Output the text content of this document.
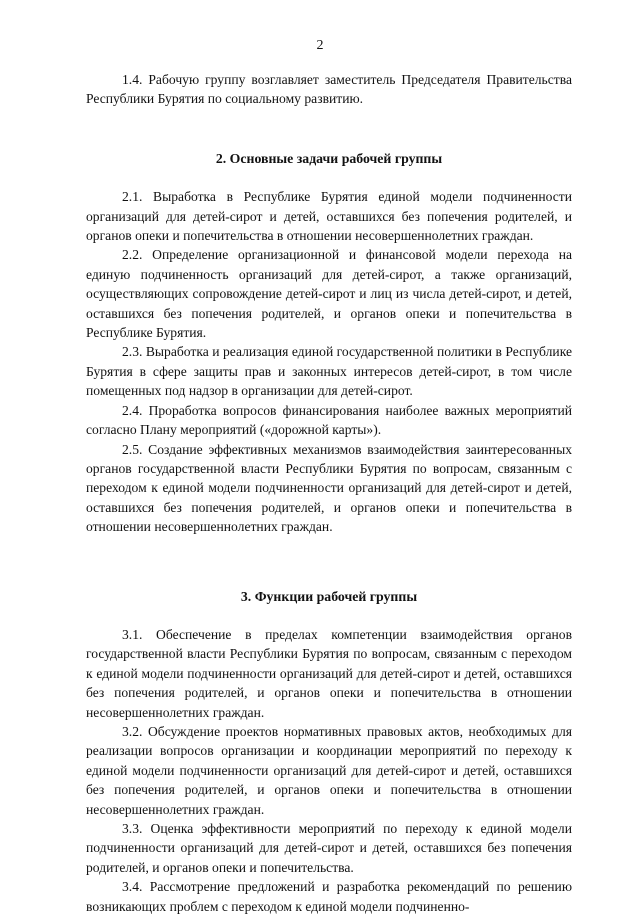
2

1.4. Рабочую группу возглавляет заместитель Председателя Правительства Республики Бурятия по социальному развитию.

2. Основные задачи рабочей группы

2.1. Выработка в Республике Бурятия единой модели подчиненности организаций для детей-сирот и детей, оставшихся без попечения родителей, и органов опеки и попечительства в отношении несовершеннолетних граждан.

2.2. Определение организационной и финансовой модели перехода на единую подчиненность организаций для детей-сирот, а также организаций, осуществляющих сопровождение детей-сирот и лиц из числа детей-сирот, и детей, оставшихся без попечения родителей, и органов опеки и попечительства в Республике Бурятия.

2.3. Выработка и реализация единой государственной политики в Республике Бурятия в сфере защиты прав и законных интересов детей-сирот, в том числе помещенных под надзор в организации для детей-сирот.

2.4. Проработка вопросов финансирования наиболее важных мероприятий согласно Плану мероприятий («дорожной карты»).

2.5. Создание эффективных механизмов взаимодействия заинтересованных органов государственной власти Республики Бурятия по вопросам, связанным с переходом к единой модели подчиненности организаций для детей-сирот и детей, оставшихся без попечения родителей, и органов опеки и попечительства в отношении несовершеннолетних граждан.

3. Функции рабочей группы

3.1. Обеспечение в пределах компетенции взаимодействия органов государственной власти Республики Бурятия по вопросам, связанным с переходом к единой модели подчиненности организаций для детей-сирот и детей, оставшихся без попечения родителей, и органов опеки и попечительства в отношении несовершеннолетних граждан.

3.2. Обсуждение проектов нормативных правовых актов, необходимых для реализации вопросов организации и координации мероприятий по переходу к единой модели подчиненности организаций для детей-сирот и детей, оставшихся без попечения родителей, и органов опеки и попечительства в отношении несовершеннолетних граждан.

3.3. Оценка эффективности мероприятий по переходу к единой модели подчиненности организаций для детей-сирот и детей, оставшихся без попечения родителей, и органов опеки и попечительства.

3.4. Рассмотрение предложений и разработка рекомендаций по решению возникающих проблем с переходом к единой модели подчиненно-
